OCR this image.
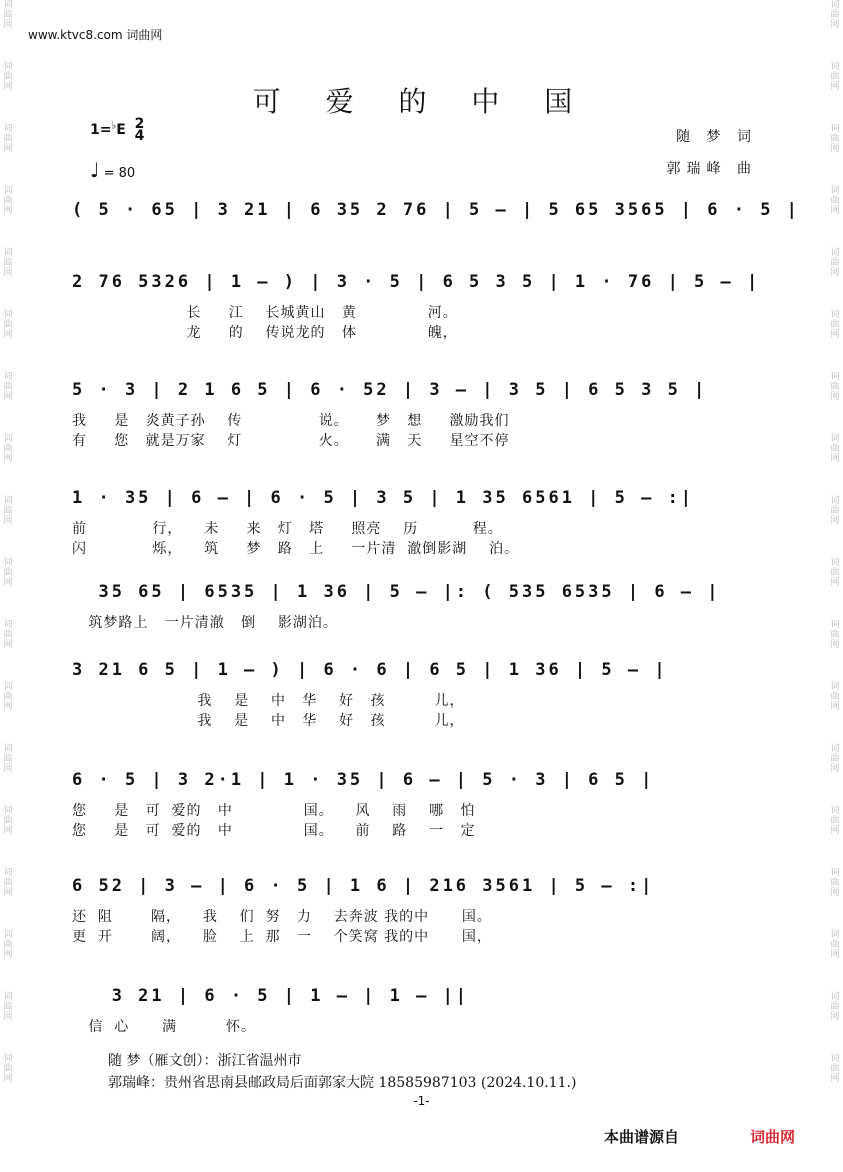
词
曲
网
词
曲
网
词
曲
网
词
曲
网
词
曲
网
词
曲
网
词
曲
网
词
曲
网
词
曲
网
词
曲
网
词
曲
网
词
曲
网
词
曲
网
词
曲
网
词
曲
网
词
曲
网
词
曲
网
词
曲
网
词
曲
网
词
曲
网
词
曲
网
词
曲
网
词
曲
网
词
曲
网
词
曲
网
词
曲
网
词
曲
网
词
曲
网
词
曲
网
词
曲
网
词
曲
网
词
曲
网
词
曲
网
词
曲
网
词
曲
网
词
曲
网
www.ktvc8.com 词曲网
可 爱 的 中 国
1=♭E 2
4
♩ = 80
随 梦 词
郭瑞峰 曲
( 5 · 65 | 3 21 | 6 35 2 76 | 5 – | 5 65 3565 | 6 · 5 |
2 76 5326 | 1 – ) | 3 · 5 | 6 5 3 5 | 1 · 76 | 5 – |
长     江    长城黄山   黄             河。
龙     的    传说龙的   体             魄，
5 · 3 | 2 1 6 5 | 6 · 52 | 3 – | 3 5 | 6 5 3 5 |
我     是   炎黄子孙    传              说。     梦   想     激励我们
有     您   就是万家    灯              火。     满   天     星空不停
1 · 35 | 6 – | 6 · 5 | 3 5 | 1 35 6561 | 5 – :|
前            行，    未     来   灯   塔     照亮    历          程。
闪            烁，    筑     梦   路   上     一片清  澈倒影湖    泊。
35 65 | 6535 | 1 36 | 5 – |: ( 535 6535 | 6 – |
筑梦路上   一片清澈   倒    影湖泊。
3 21 6 5 | 1 – ) | 6 · 6 | 6 5 | 1 36 | 5 – |
我    是    中   华    好   孩         儿，
我    是    中   华    好   孩         儿，
6 · 5 | 3 2·1 | 1 · 35 | 6 – | 5 · 3 | 6 5 |
您     是   可  爱的   中             国。    风    雨    哪   怕
您     是   可  爱的   中             国。    前    路    一   定
6 52 | 3 – | 6 · 5 | 1 6 | 216 3561 | 5 – :|
还  阻       隔，    我    们  努   力    去奔波 我的中      国。
更  开       阔，    脸    上  那   一    个笑窝 我的中      国，
3 21 | 6 · 5 | 1 – | 1 – ||
信  心      满         怀。
随 梦（雁文创）：浙江省温州市
郭瑞峰：贵州省思南县邮政局后面郭家大院 18585987103 (2024.10.11.)
-1-
本曲谱源自	词曲网
